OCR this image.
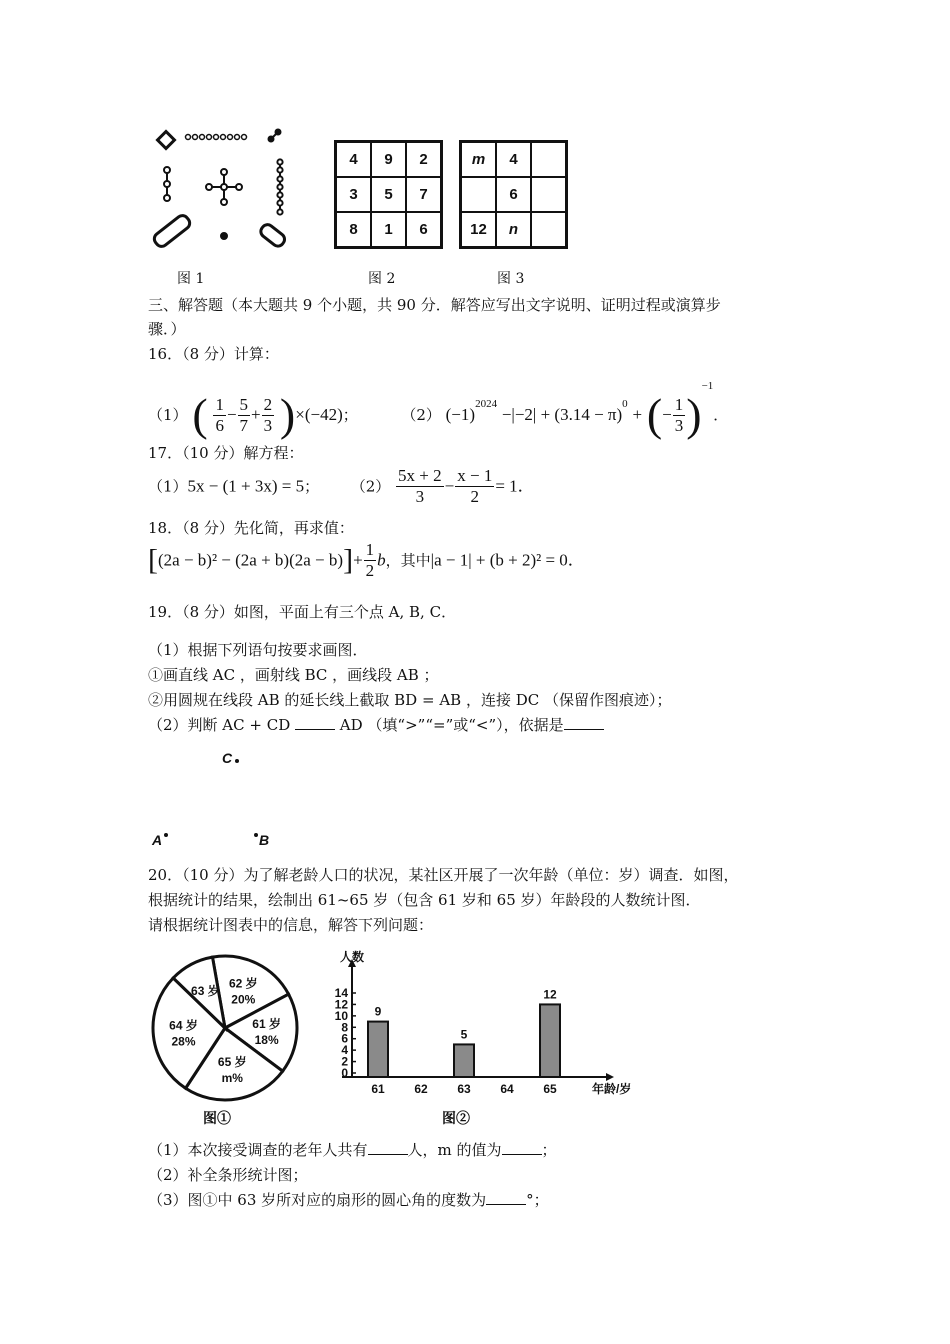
图 1
4	9	2
3	5	7
8	1	6
图 2
m	4	
	6	
12	n	
图 3
三、解答题（本大题共 9 个小题，共 90 分．解答应写出文字说明、证明过程或演算步
骤．）
16．（8 分）计算：
（1） ( $\frac{1}{6} - \frac{5}{7} + \frac{2}{3} )\times(-42)$；	（2） $(-1)^{2024} -|-2| + (3.14 - \pi)^0$ + (− $\frac{1}{3} )^{-1}$．
17．（10 分）解方程：
（1）5x − (1 + 3x) = 5； $(2) \frac{5x + 2}{3} - \frac{x - 1}{2} = 1$．
18．（8 分）先化简，再求值：
$[(2a - b)^2 - (2a + b)(2a - b)]+ \frac{1}{2}$ b，其中|a − 1| + (b + 2)² = 0．
19．（8 分）如图，平面上有三个点 A, B, C．
（1）根据下列语句按要求画图．
①画直线 AC ，画射线 BC ，画线段 AB ；
②用圆规在线段 AB 的延长线上截取 BD = AB ，连接 DC （保留作图痕迹）；
（2）判断 AC + CD	AD （填“>”“=”或“<”），依据是
C
A	B
20．（10 分）为了解老龄人口的状况，某社区开展了一次年龄（单位：岁）调查．如图，
根据统计的结果，绘制出 61~65 岁（包含 61 岁和 65 岁）年龄段的人数统计图．
请根据统计图表中的信息，解答下列问题：
62 岁
20%
61 岁
18%
65 岁
m%
64 岁
28%
63 岁
图①
人数
0
2
4
6
8
10
12
14
61
9
62 63
5
64 65
12
年龄/岁
图②
（1）本次接受调查的老年人共有	人，m 的值为	；
（2）补全条形统计图；
（3）图①中 63 岁所对应的扇形的圆心角的度数为	°；
